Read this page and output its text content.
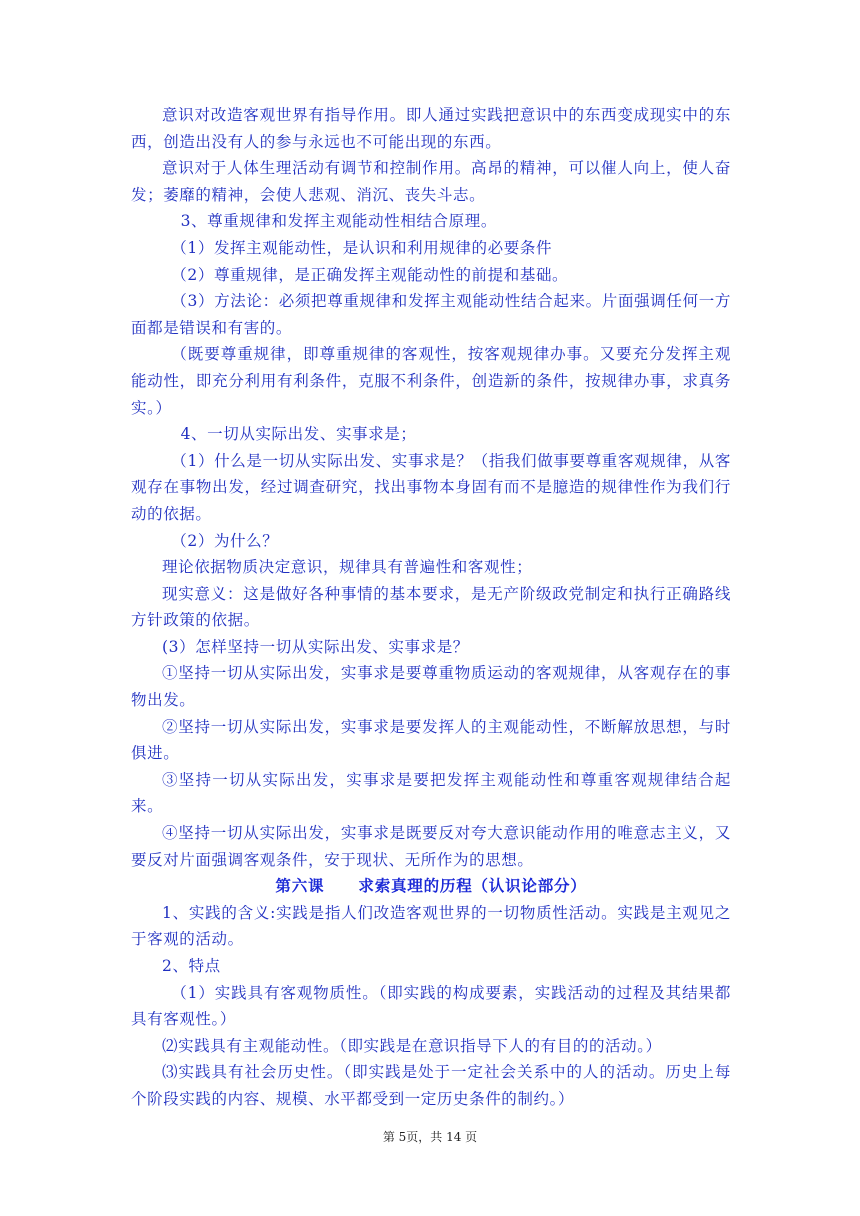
意识对改造客观世界有指导作用。即人通过实践把意识中的东西变成现实中的东西，创造出没有人的参与永远也不可能出现的东西。

意识对于人体生理活动有调节和控制作用。高昂的精神，可以催人向上，使人奋发；萎靡的精神，会使人悲观、消沉、丧失斗志。

3、尊重规律和发挥主观能动性相结合原理。

（1）发挥主观能动性，是认识和利用规律的必要条件

（2）尊重规律，是正确发挥主观能动性的前提和基础。

（3）方法论：必须把尊重规律和发挥主观能动性结合起来。片面强调任何一方面都是错误和有害的。

（既要尊重规律，即尊重规律的客观性，按客观规律办事。又要充分发挥主观能动性，即充分利用有利条件，克服不利条件，创造新的条件，按规律办事，求真务实。）

4、一切从实际出发、实事求是；

（1）什么是一切从实际出发、实事求是？（指我们做事要尊重客观规律，从客观存在事物出发，经过调查研究，找出事物本身固有而不是臆造的规律性作为我们行动的依据。

（2）为什么？

理论依据物质决定意识，规律具有普遍性和客观性；

现实意义：这是做好各种事情的基本要求，是无产阶级政党制定和执行正确路线方针政策的依据。

(3）怎样坚持一切从实际出发、实事求是？

①坚持一切从实际出发，实事求是要尊重物质运动的客观规律，从客观存在的事物出发。

②坚持一切从实际出发，实事求是要发挥人的主观能动性，不断解放思想，与时俱进。

③坚持一切从实际出发，实事求是要把发挥主观能动性和尊重客观规律结合起来。

④坚持一切从实际出发，实事求是既要反对夸大意识能动作用的唯意志主义，又要反对片面强调客观条件，安于现状、无所作为的思想。

第六课 求索真理的历程（认识论部分）

1、实践的含义:实践是指人们改造客观世界的一切物质性活动。实践是主观见之于客观的活动。

2、特点

（1）实践具有客观物质性。（即实践的构成要素，实践活动的过程及其结果都具有客观性。）

⑵实践具有主观能动性。（即实践是在意识指导下人的有目的的活动。）

⑶实践具有社会历史性。（即实践是处于一定社会关系中的人的活动。历史上每个阶段实践的内容、规模、水平都受到一定历史条件的制约。）

第 5页，共 14 页
